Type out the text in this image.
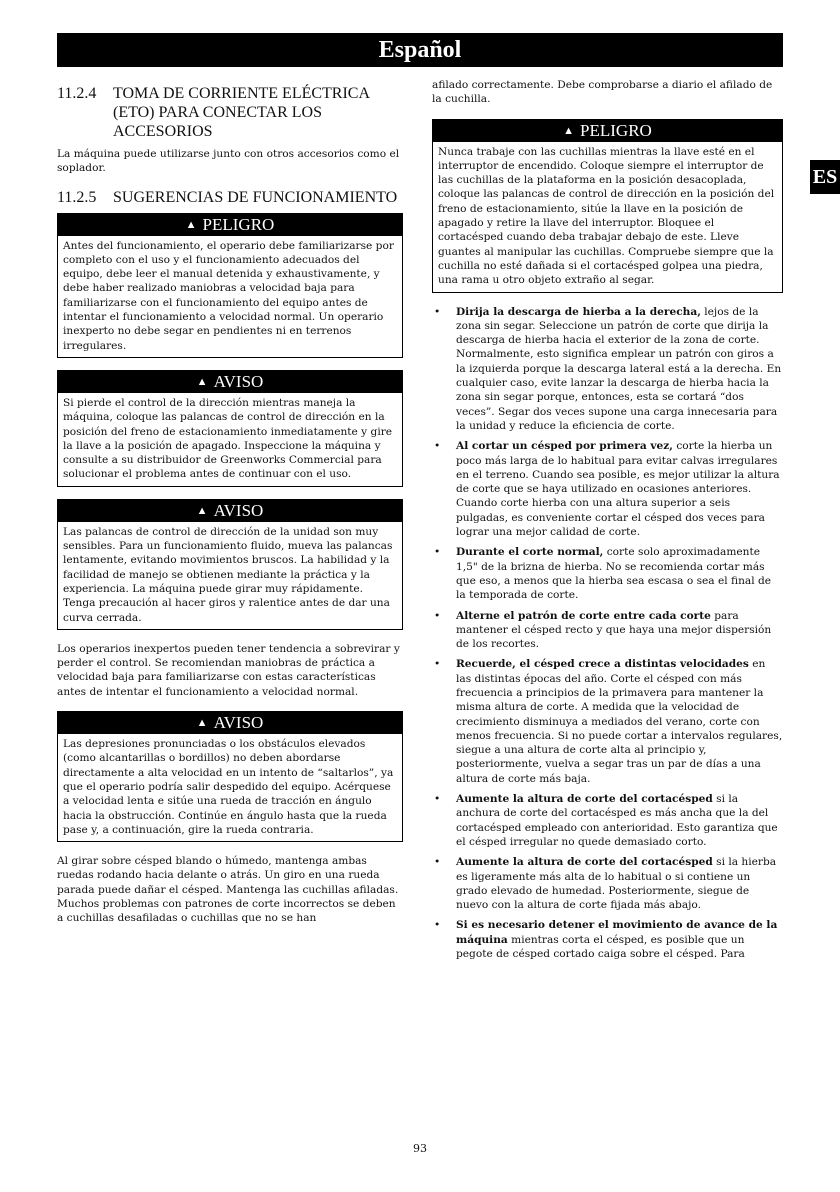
Español
ES
11.2.4	TOMA DE CORRIENTE ELÉCTRICA (ETO) PARA CONECTAR LOS ACCESORIOS

La máquina puede utilizarse junto con otros accesorios como el soplador.

11.2.5	SUGERENCIAS DE FUNCIONAMIENTO
▲ PELIGRO
Antes del funcionamiento, el operario debe familiarizarse por completo con el uso y el funcionamiento adecuados del equipo, debe leer el manual detenida y exhaustivamente, y debe haber realizado maniobras a velocidad baja para familiarizarse con el funcionamiento del equipo antes de intentar el funcionamiento a velocidad normal. Un operario inexperto no debe segar en pendientes ni en terrenos irregulares.
▲ AVISO
Si pierde el control de la dirección mientras maneja la máquina, coloque las palancas de control de dirección en la posición del freno de estacionamiento inmediatamente y gire la llave a la posición de apagado. Inspeccione la máquina y consulte a su distribuidor de Greenworks Commercial para solucionar el problema antes de continuar con el uso.
▲ AVISO
Las palancas de control de dirección de la unidad son muy sensibles. Para un funcionamiento fluido, mueva las palancas lentamente, evitando movimientos bruscos. La habilidad y la facilidad de manejo se obtienen mediante la práctica y la experiencia. La máquina puede girar muy rápidamente. Tenga precaución al hacer giros y ralentice antes de dar una curva cerrada.

Los operarios inexpertos pueden tener tendencia a sobrevirar y perder el control. Se recomiendan maniobras de práctica a velocidad baja para familiarizarse con estas características antes de intentar el funcionamiento a velocidad normal.

▲ AVISO
Las depresiones pronunciadas o los obstáculos elevados (como alcantarillas o bordillos) no deben abordarse directamente a alta velocidad en un intento de “saltarlos”, ya que el operario podría salir despedido del equipo. Acérquese a velocidad lenta e sitúe una rueda de tracción en ángulo hacia la obstrucción. Continúe en ángulo hasta que la rueda pase y, a continuación, gire la rueda contraria.

Al girar sobre césped blando o húmedo, mantenga ambas ruedas rodando hacia delante o atrás. Un giro en una rueda parada puede dañar el césped. Mantenga las cuchillas afiladas. Muchos problemas con patrones de corte incorrectos se deben a cuchillas desafiladas o cuchillas que no se han

afilado correctamente. Debe comprobarse a diario el afilado de la cuchilla.

▲ PELIGRO
Nunca trabaje con las cuchillas mientras la llave esté en el interruptor de encendido. Coloque siempre el interruptor de las cuchillas de la plataforma en la posición desacoplada, coloque las palancas de control de dirección en la posición del freno de estacionamiento, sitúe la llave en la posición de apagado y retire la llave del interruptor. Bloquee el cortacésped cuando deba trabajar debajo de este. Lleve guantes al manipular las cuchillas. Compruebe siempre que la cuchilla no esté dañada si el cortacésped golpea una piedra, una rama u otro objeto extraño al segar.
• Dirija la descarga de hierba a la derecha, lejos de la zona sin segar. Seleccione un patrón de corte que dirija la descarga de hierba hacia el exterior de la zona de corte. Normalmente, esto significa emplear un patrón con giros a la izquierda porque la descarga lateral está a la derecha. En cualquier caso, evite lanzar la descarga de hierba hacia la zona sin segar porque, entonces, esta se cortará “dos veces”. Segar dos veces supone una carga innecesaria para la unidad y reduce la eficiencia de corte.
• Al cortar un césped por primera vez, corte la hierba un poco más larga de lo habitual para evitar calvas irregulares en el terreno. Cuando sea posible, es mejor utilizar la altura de corte que se haya utilizado en ocasiones anteriores. Cuando corte hierba con una altura superior a seis pulgadas, es conveniente cortar el césped dos veces para lograr una mejor calidad de corte.
• Durante el corte normal, corte solo aproximadamente 1,5" de la brizna de hierba. No se recomienda cortar más que eso, a menos que la hierba sea escasa o sea el final de la temporada de corte.
• Alterne el patrón de corte entre cada corte para mantener el césped recto y que haya una mejor dispersión de los recortes.
• Recuerde, el césped crece a distintas velocidades en las distintas épocas del año. Corte el césped con más frecuencia a principios de la primavera para mantener la misma altura de corte. A medida que la velocidad de crecimiento disminuya a mediados del verano, corte con menos frecuencia. Si no puede cortar a intervalos regulares, siegue a una altura de corte alta al principio y, posteriormente, vuelva a segar tras un par de días a una altura de corte más baja.
• Aumente la altura de corte del cortacésped si la anchura de corte del cortacésped es más ancha que la del cortacésped empleado con anterioridad. Esto garantiza que el césped irregular no quede demasiado corto.
• Aumente la altura de corte del cortacésped si la hierba es ligeramente más alta de lo habitual o si contiene un grado elevado de humedad. Posteriormente, siegue de nuevo con la altura de corte fijada más abajo.
• Si es necesario detener el movimiento de avance de la máquina mientras corta el césped, es posible que un pegote de césped cortado caiga sobre el césped. Para
93
